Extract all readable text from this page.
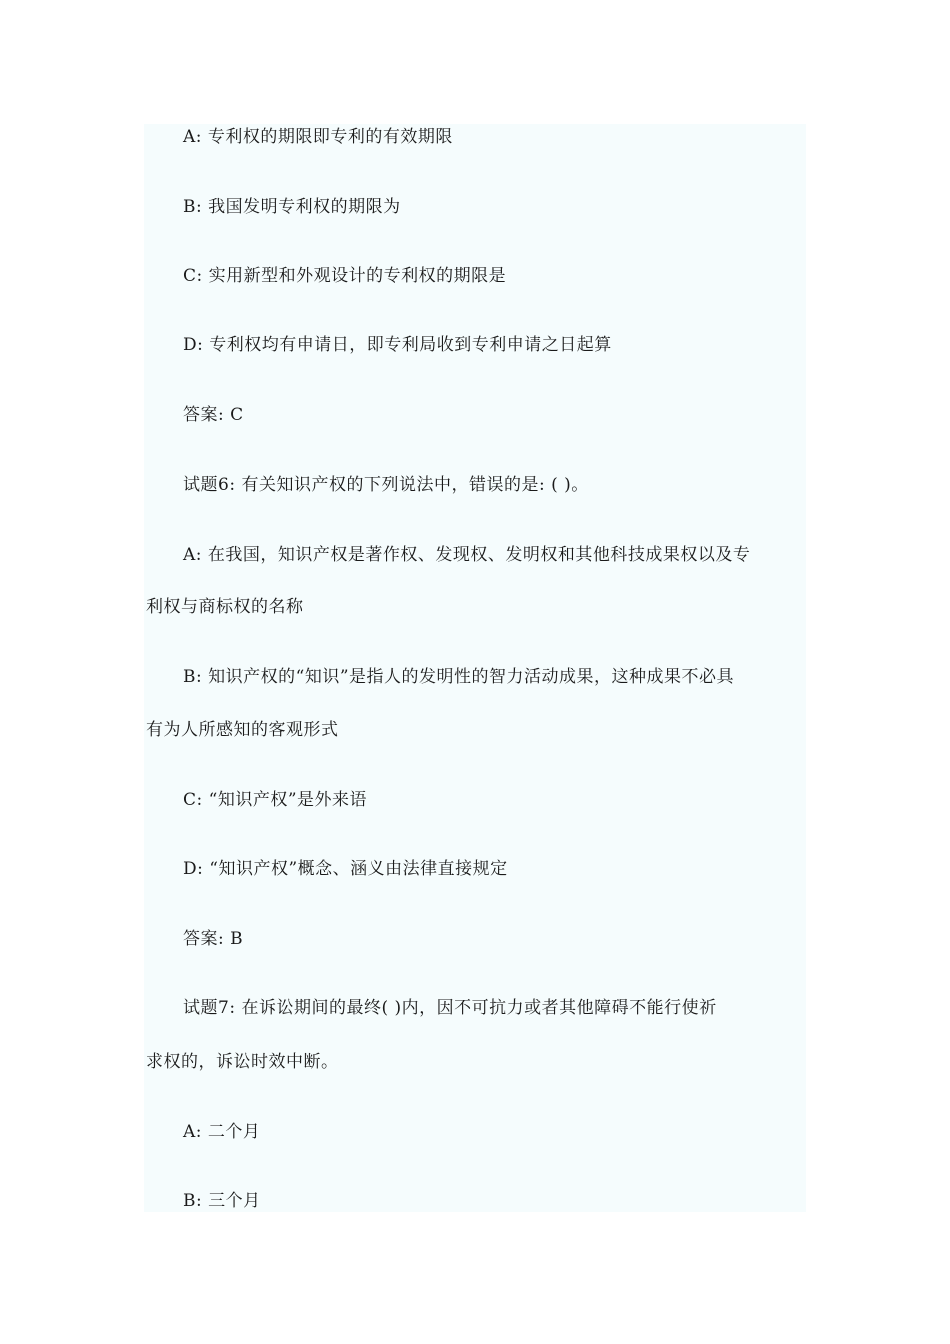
A: 专利权的期限即专利的有效期限
B: 我国发明专利权的期限为
C: 实用新型和外观设计的专利权的期限是
D: 专利权均有申请日，即专利局收到专利申请之日起算
答案: C
试题6: 有关知识产权的下列说法中，错误的是: ( )。
A: 在我国，知识产权是著作权、发现权、发明权和其他科技成果权以及专
利权与商标权的名称
B: 知识产权的“知识”是指人的发明性的智力活动成果，这种成果不必具
有为人所感知的客观形式
C: “知识产权”是外来语
D: “知识产权”概念、涵义由法律直接规定
答案: B
试题7: 在诉讼期间的最终( )内，因不可抗力或者其他障碍不能行使祈
求权的，诉讼时效中断。
A: 二个月
B: 三个月
